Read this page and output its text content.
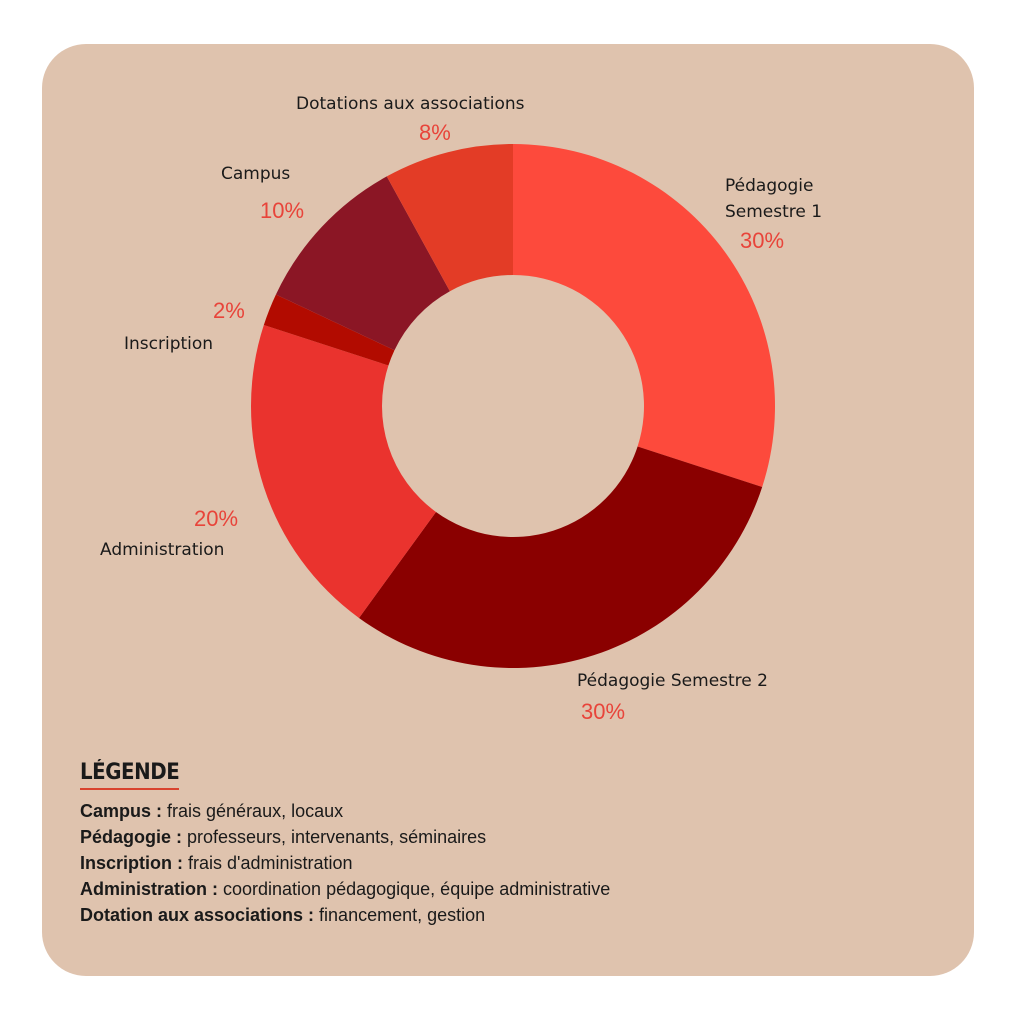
Pédagogie
Semestre 1
30%
Pédagogie Semestre 2
30%
20%
Administration
2%
Inscription
Campus
10%
Dotations aux associations
8%
LÉGENDE
Campus : frais généraux, locaux
Pédagogie : professeurs, intervenants, séminaires
Inscription : frais d'administration
Administration : coordination pédagogique, équipe administrative
Dotation aux associations : financement, gestion
